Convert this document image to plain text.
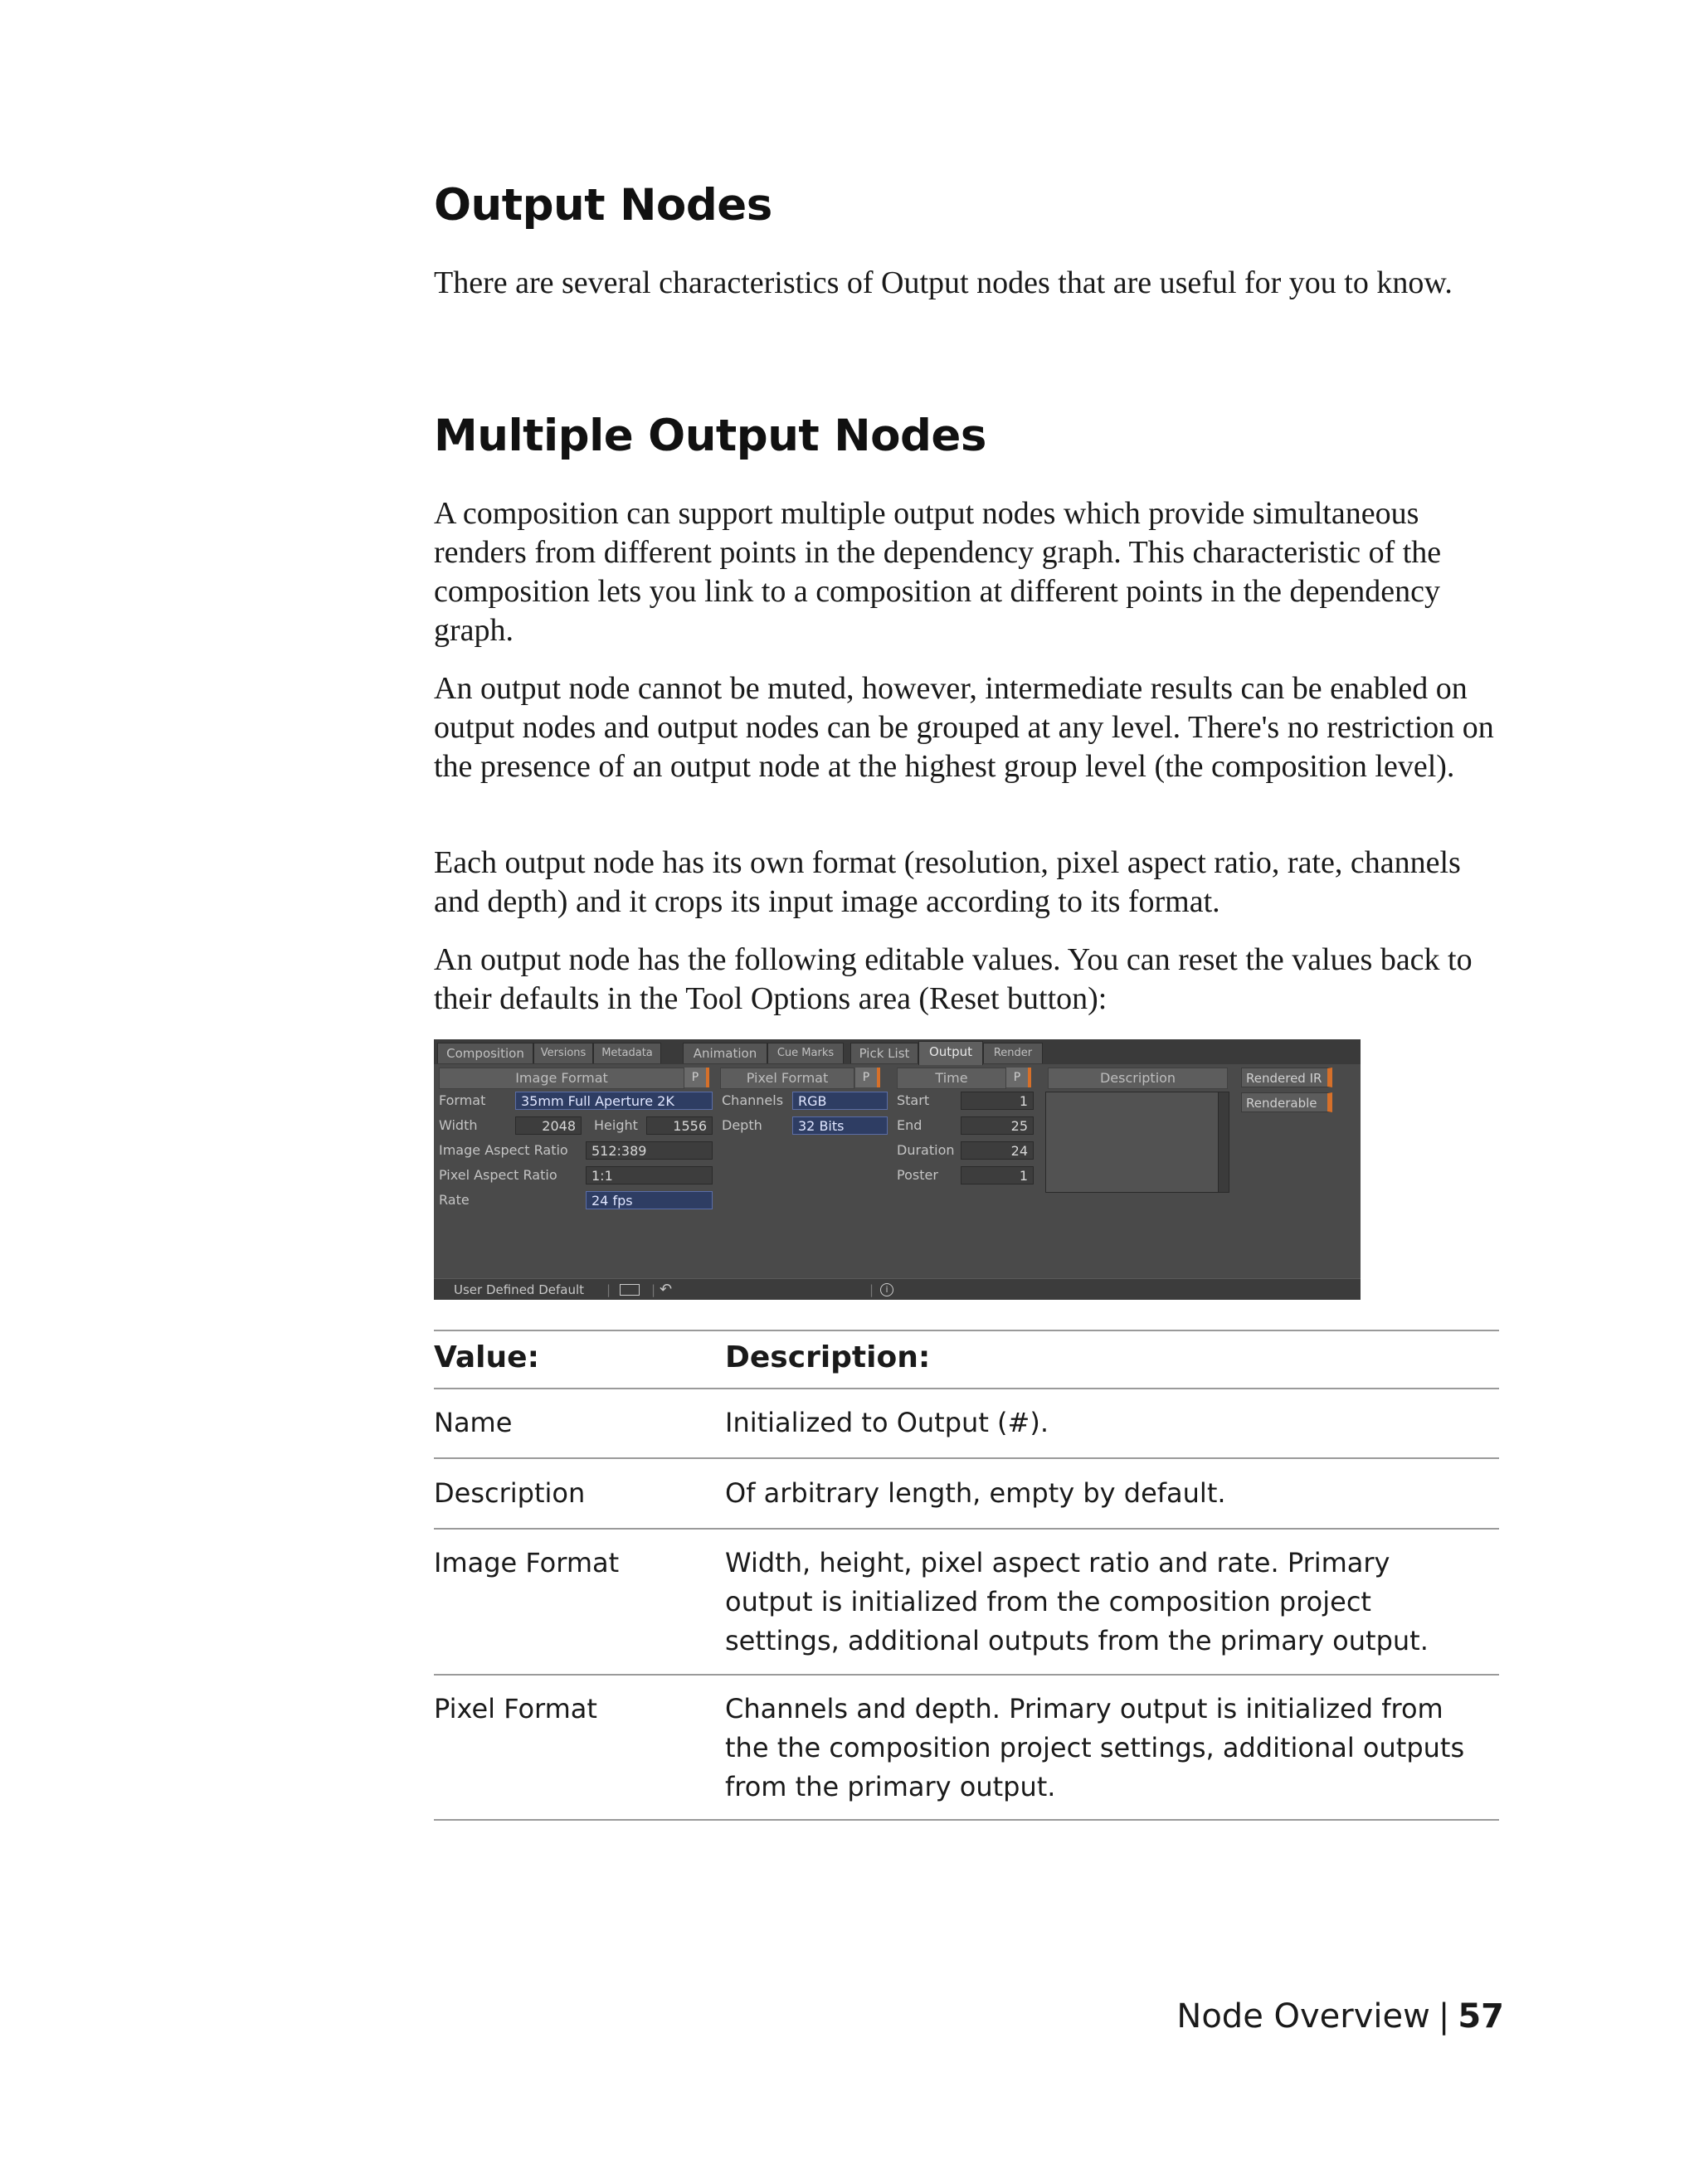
Output Nodes

There are several characteristics of Output nodes that are useful for you to know.

Multiple Output Nodes

A composition can support multiple output nodes which provide simultaneous renders from different points in the dependency graph. This characteristic of the composition lets you link to a composition at different points in the dependency graph.

An output node cannot be muted, however, intermediate results can be enabled on output nodes and output nodes can be grouped at any level. There's no restriction on the presence of an output node at the highest group level (the composition level).

Each output node has its own format (resolution, pixel aspect ratio, rate, channels and depth) and it crops its input image according to its format.

An output node has the following editable values. You can reset the values back to their defaults in the Tool Options area (Reset button):

Composition	Versions	Metadata	Animation	Cue Marks	Pick List	Output	Render
Image Format	P	Pixel Format	P	Time	P	Description
Format	35mm Full Aperture 2K
Width	2048	Height	1556
Image Aspect Ratio	512:389
Pixel Aspect Ratio	1:1
Rate	24 fps
Channels	RGB
Depth	32 Bits
Start	1
End	25
Duration	24
Poster	1
Rendered IR
Renderable
User Defined Default |	| ↶	|	i
Value:	Description:
Name	Initialized to Output (#).
Description	Of arbitrary length, empty by default.
Image Format	Width, height, pixel aspect ratio and rate. Primary output is initialized from the composition project settings, additional outputs from the primary output.
Pixel Format	Channels and depth. Primary output is initialized from the the composition project settings, additional outputs from the primary output.
Node Overview | 57
